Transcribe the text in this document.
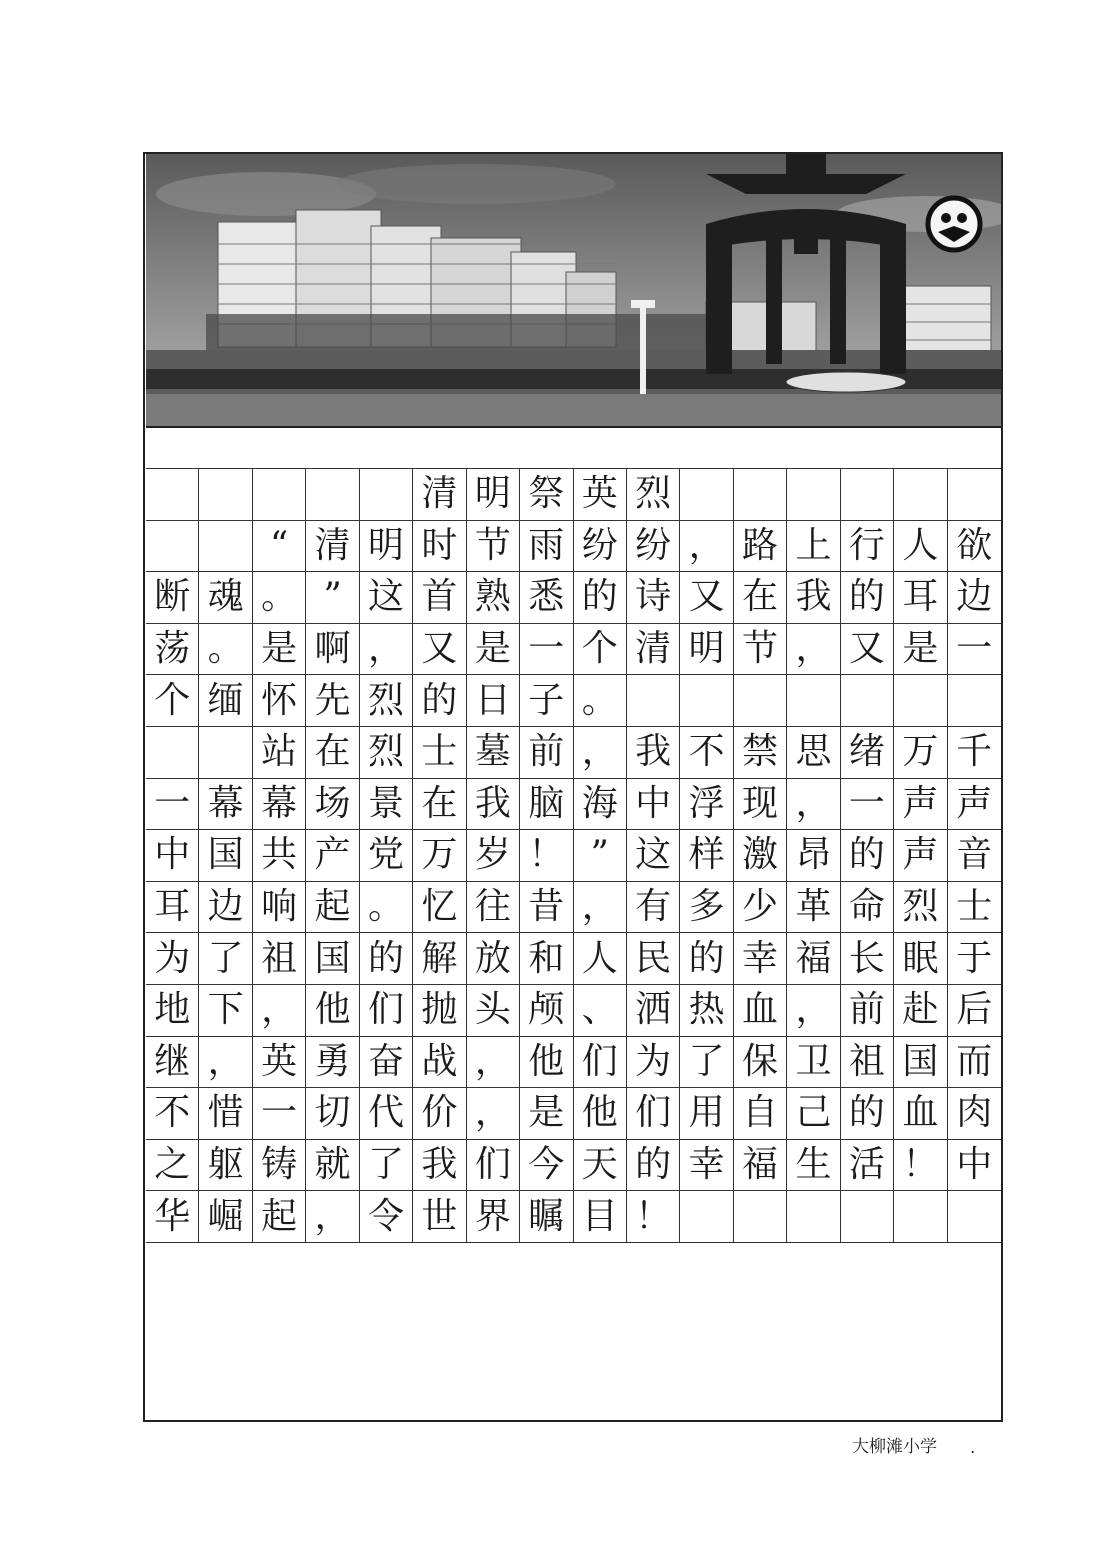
清 明 祭 英 烈
“ 清 明 时 节 雨 纷 纷 ， 路 上 行 人 欲
断 魂 。 ” 这 首 熟 悉 的 诗 又 在 我 的 耳 边
荡 。 是 啊 ， 又 是 一 个 清 明 节 ， 又 是 一
个 缅 怀 先 烈 的 日 子 。
站 在 烈 士 墓 前 ， 我 不 禁 思 绪 万 千
一 幕 幕 场 景 在 我 脑 海 中 浮 现 ， 一 声 声
中 国 共 产 党 万 岁 ！ ” 这 样 激 昂 的 声 音
耳 边 响 起 。 忆 往 昔 ， 有 多 少 革 命 烈 士
为 了 祖 国 的 解 放 和 人 民 的 幸 福 长 眠 于
地 下 ， 他 们 抛 头 颅 、 洒 热 血 ， 前 赴 后
继 ， 英 勇 奋 战 ， 他 们 为 了 保 卫 祖 国 而
不 惜 一 切 代 价 ， 是 他 们 用 自 己 的 血 肉
之 躯 铸 就 了 我 们 今 天 的 幸 福 生 活 ！ 中
华 崛 起 ， 令 世 界 瞩 目 ！
大柳滩小学 .
